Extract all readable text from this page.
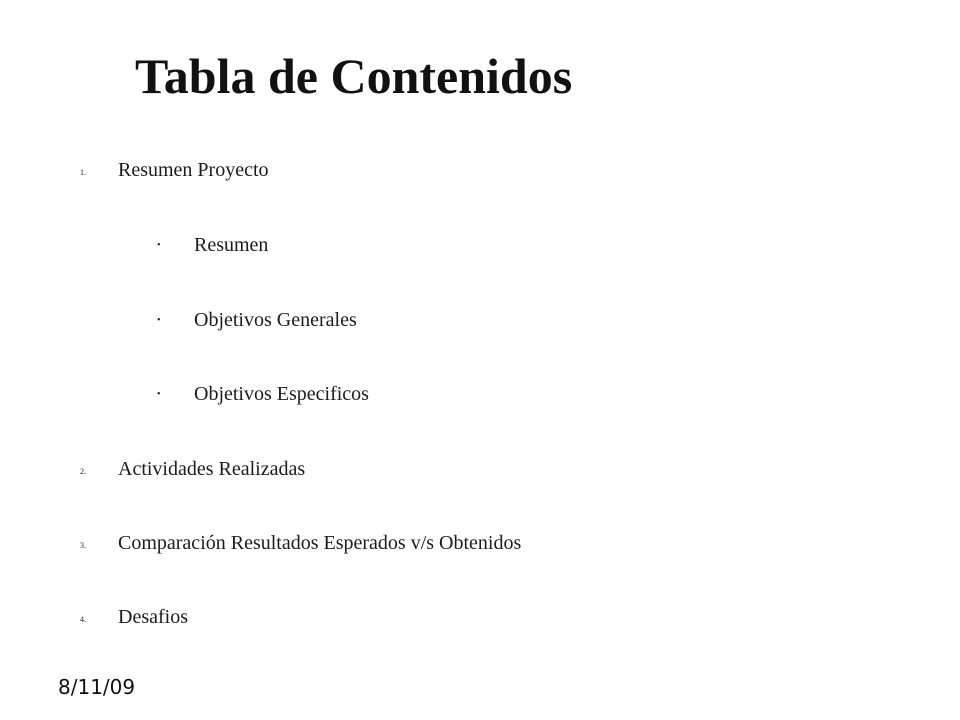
Tabla de Contenidos
1. Resumen Proyecto
• Resumen
• Objetivos Generales
• Objetivos Especificos
2. Actividades Realizadas
3. Comparación Resultados Esperados v/s Obtenidos
4. Desafios
8/11/09
